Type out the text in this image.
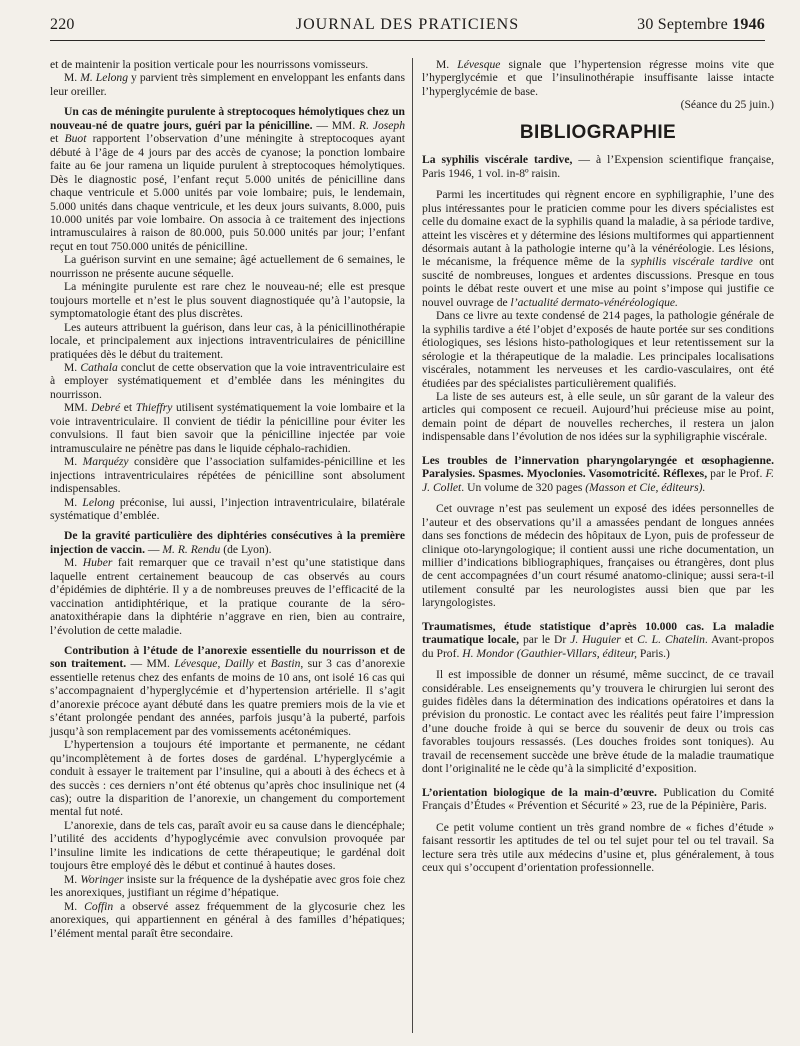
220	JOURNAL DES PRATICIENS	30 Septembre 1946

et de maintenir la position verticale pour les nourrissons vomisseurs.

M. M. Lelong y parvient très simplement en enveloppant les enfants dans leur oreiller.

Un cas de méningite purulente à streptocoques hémolytiques chez un nouveau-né de quatre jours, guéri par la pénicilline. — MM. R. Joseph et Buot rapportent l’observation d’une méningite à streptocoques ayant débuté à l’âge de 4 jours par des accès de cyanose; la ponction lombaire faite au 6e jour ramena un liquide purulent à streptocoques hémolytiques. Dès le diagnostic posé, l’enfant reçut 5.000 unités de pénicilline dans chaque ventricule et 5.000 unités par voie lombaire; puis, le lendemain, 5.000 unités dans chaque ventricule, et les deux jours suivants, 8.000, puis 10.000 unités par voie lombaire. On associa à ce traitement des injections intramusculaires à raison de 80.000, puis 50.000 unités par jour; l’enfant reçut en tout 750.000 unités de pénicilline.

La guérison survint en une semaine; âgé actuellement de 6 semaines, le nourrisson ne présente aucune séquelle.

La méningite purulente est rare chez le nouveau-né; elle est presque toujours mortelle et n’est le plus souvent diagnostiquée qu’à l’autopsie, la symptomatologie étant des plus discrètes.

Les auteurs attribuent la guérison, dans leur cas, à la pénicillinothérapie locale, et principalement aux injections intraventriculaires de pénicilline pratiquées dès le début du traitement.

M. Cathala conclut de cette observation que la voie intraventriculaire est à employer systématiquement et d’emblée dans les méningites du nourrisson.

MM. Debré et Thieffry utilisent systématiquement la voie lombaire et la voie intraventriculaire. Il convient de tiédir la pénicilline pour éviter les convulsions. Il faut bien savoir que la pénicilline injectée par voie intramusculaire ne pénètre pas dans le liquide céphalo-rachidien.

M. Marquézy considère que l’association sulfamides-pénicilline et les injections intraventriculaires répétées de pénicilline sont absolument indispensables.

M. Lelong préconise, lui aussi, l’injection intraventriculaire, bilatérale systématique d’emblée.

De la gravité particulière des diphtéries consécutives à la première injection de vaccin. — M. R. Rendu (de Lyon).

M. Huber fait remarquer que ce travail n’est qu’une statistique dans laquelle entrent certainement beaucoup de cas observés au cours d’épidémies de diphtérie. Il y a de nombreuses preuves de l’efficacité de la vaccination antidiphtérique, et la pratique courante de la séro-anatoxithérapie dans la diphtérie n’aggrave en rien, bien au contraire, l’évolution de cette maladie.

Contribution à l’étude de l’anorexie essentielle du nourrisson et de son traitement. — MM. Lévesque, Dailly et Bastin, sur 3 cas d’anorexie essentielle retenus chez des enfants de moins de 10 ans, ont isolé 16 cas qui s’accompagnaient d’hyperglycémie et d’hypertension artérielle. Il s’agit d’anorexie précoce ayant débuté dans les quatre premiers mois de la vie et s’étant prolongée pendant des années, parfois jusqu’à la puberté, parfois jusqu’à son remplacement par des vomissements acétonémiques.

L’hypertension a toujours été importante et permanente, ne cédant qu’incomplètement à de fortes doses de gardénal. L’hyperglycémie a conduit à essayer le traitement par l’insuline, qui a abouti à des échecs et à des succès : ces derniers n’ont été obtenus qu’après choc insulinique net (4 cas); outre la disparition de l’anorexie, un changement du comportement mental fut noté.

L’anorexie, dans de tels cas, paraît avoir eu sa cause dans le diencéphale; l’utilité des accidents d’hypoglycémie avec convulsion provoquée par l’insuline limite les indications de cette thérapeutique; le gardénal doit toujours être employé dès le début et continué à hautes doses.

M. Woringer insiste sur la fréquence de la dyshépatie avec gros foie chez les anorexiques, justifiant un régime d’hépatique.

M. Coffin a observé assez fréquemment de la glycosurie chez les anorexiques, qui appartiennent en général à des familles d’hépatiques; l’élément mental paraît être secondaire.

M. Lévesque signale que l’hypertension régresse moins vite que l’hyperglycémie et que l’insulinothérapie insuffisante laisse intacte l’hyperglycémie de base.

(Séance du 25 juin.)

BIBLIOGRAPHIE

La syphilis viscérale tardive, — à l’Expension scientifique française, Paris 1946, 1 vol. in-8º raisin.

Parmi les incertitudes qui règnent encore en syphiligraphie, l’une des plus intéressantes pour le praticien comme pour les divers spécialistes est celle du domaine exact de la syphilis quand la maladie, à sa période tardive, atteint les viscères et y détermine des lésions multiformes qui appartiennent désormais autant à la pathologie interne qu’à la vénéréologie. Les lésions, le mécanisme, la fréquence même de la syphilis viscérale tardive ont suscité de nombreuses, longues et ardentes discussions. Presque en tous points le débat reste ouvert et une mise au point s’impose qui justifie ce nouvel ouvrage de l’actualité dermato-vénéréologique.

Dans ce livre au texte condensé de 214 pages, la pathologie générale de la syphilis tardive a été l’objet d’exposés de haute portée sur ses conditions étiologiques, ses lésions histo-pathologiques et leur retentissement sur la sérologie et la thérapeutique de la maladie. Les principales localisations viscérales, notamment les nerveuses et les cardio-vasculaires, ont été étudiées par des spécialistes particulièrement qualifiés.

La liste de ses auteurs est, à elle seule, un sûr garant de la valeur des articles qui composent ce recueil. Aujourd’hui précieuse mise au point, demain point de départ de nouvelles recherches, il restera un jalon indispensable dans l’évolution de nos idées sur la syphiligraphie viscérale.

Les troubles de l’innervation pharyngolaryngée et œsophagienne. Paralysies. Spasmes. Myoclonies. Vasomotricité. Réflexes, par le Prof. F. J. Collet. Un volume de 320 pages (Masson et Cie, éditeurs).

Cet ouvrage n’est pas seulement un exposé des idées personnelles de l’auteur et des observations qu’il a amassées pendant de longues années dans ses fonctions de médecin des hôpitaux de Lyon, puis de professeur de clinique oto-laryngologique; il contient aussi une riche documentation, un millier d’indications bibliographiques, françaises ou étrangères, dont plus de cent accompagnées d’un court résumé anatomo-clinique; aussi sera-t-il utilement consulté par les neurologistes aussi bien que par les laryngologistes.

Traumatismes, étude statistique d’après 10.000 cas. La maladie traumatique locale, par le Dr J. Huguier et C. L. Chatelin. Avant-propos du Prof. H. Mondor (Gauthier-Villars, éditeur, Paris.)

Il est impossible de donner un résumé, même succinct, de ce travail considérable. Les enseignements qu’y trouvera le chirurgien lui seront des guides fidèles dans la détermination des indications opératoires et dans la prévision du pronostic. Le contact avec les réalités peut faire l’impression d’une douche froide à qui se berce du souvenir de deux ou trois cas favorables toujours ressassés. (Les douches froides sont toniques). Au travail de recensement succède une brève étude de la maladie traumatique dont l’originalité ne le cède qu’à la simplicité d’exposition.

L’orientation biologique de la main-d’œuvre. Publication du Comité Français d’Études « Prévention et Sécurité » 23, rue de la Pépinière, Paris.

Ce petit volume contient un très grand nombre de « fiches d’étude » faisant ressortir les aptitudes de tel ou tel sujet pour tel ou tel travail. Sa lecture sera très utile aux médecins d’usine et, plus généralement, à tous ceux qui s’occupent d’orientation professionnelle.
